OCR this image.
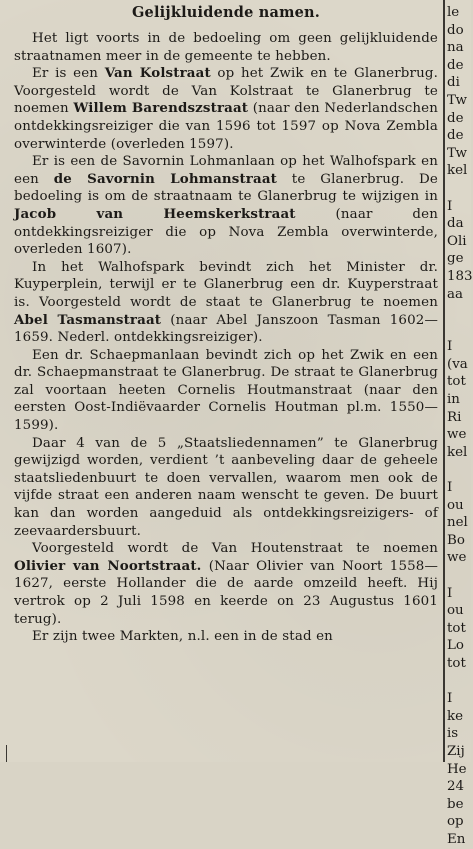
Gelijkluidende namen.

Het ligt voorts in de bedoeling om geen gelijkluidende straatnamen meer in de gemeente te hebben.

Er is een Van Kolstraat op het Zwik en te Glanerbrug. Voorgesteld wordt de Van Kolstraat te Glanerbrug te noemen Willem Barendszstraat (naar den Nederlandschen ontdekkingsreiziger die van 1596 tot 1597 op Nova Zembla overwinterde (overleden 1597).

Er is een de Savornin Lohmanlaan op het Walhofspark en een de Savornin Lohmanstraat te Glanerbrug. De bedoeling is om de straatnaam te Glanerbrug te wijzigen in Jacob van Heemskerkstraat (naar den ontdekkingsreiziger die op Nova Zembla overwinterde, overleden 1607).

In het Walhofspark bevindt zich het Minister dr. Kuyperplein, terwijl er te Glanerbrug een dr. Kuyperstraat is. Voorgesteld wordt de staat te Glanerbrug te noemen Abel Tasmanstraat (naar Abel Janszoon Tasman 1602—1659. Nederl. ontdekkingsreiziger).

Een dr. Schaepmanlaan bevindt zich op het Zwik en een dr. Schaepmanstraat te Glanerbrug. De straat te Glanerbrug zal voortaan heeten Cornelis Houtmanstraat (naar den eersten Oost-Indiëvaarder Cornelis Houtman pl.m. 1550—1599).

Daar 4 van de 5 „Staatsliedennamen” te Glanerbrug gewijzigd worden, verdient ’t aanbeveling daar de geheele staatsliedenbuurt te doen vervallen, waarom men ook de vijfde straat een anderen naam wenscht te geven. De buurt kan dan worden aangeduid als ontdekkingsreizigers- of zeevaardersbuurt.

Voorgesteld wordt de Van Houtenstraat te noemen Olivier van Noortstraat. (Naar Olivier van Noort 1558—1627, eerste Hollander die de aarde omzeild heeft. Hij vertrok op 2 Juli 1598 en keerde on 23 Augustus 1601 terug).

Er zijn twee Markten, n.l. een in de stad en

le
do
na
de
di
Tw
de
de
Tw
kel

I
da
Oli
ge
183
aa

I
(va
tot
in
Ri
we
kel

I
ou
nel
Bo
we

I
ou
tot
Lo
tot

I
ke
is
Zij
He
24
be
op
En
